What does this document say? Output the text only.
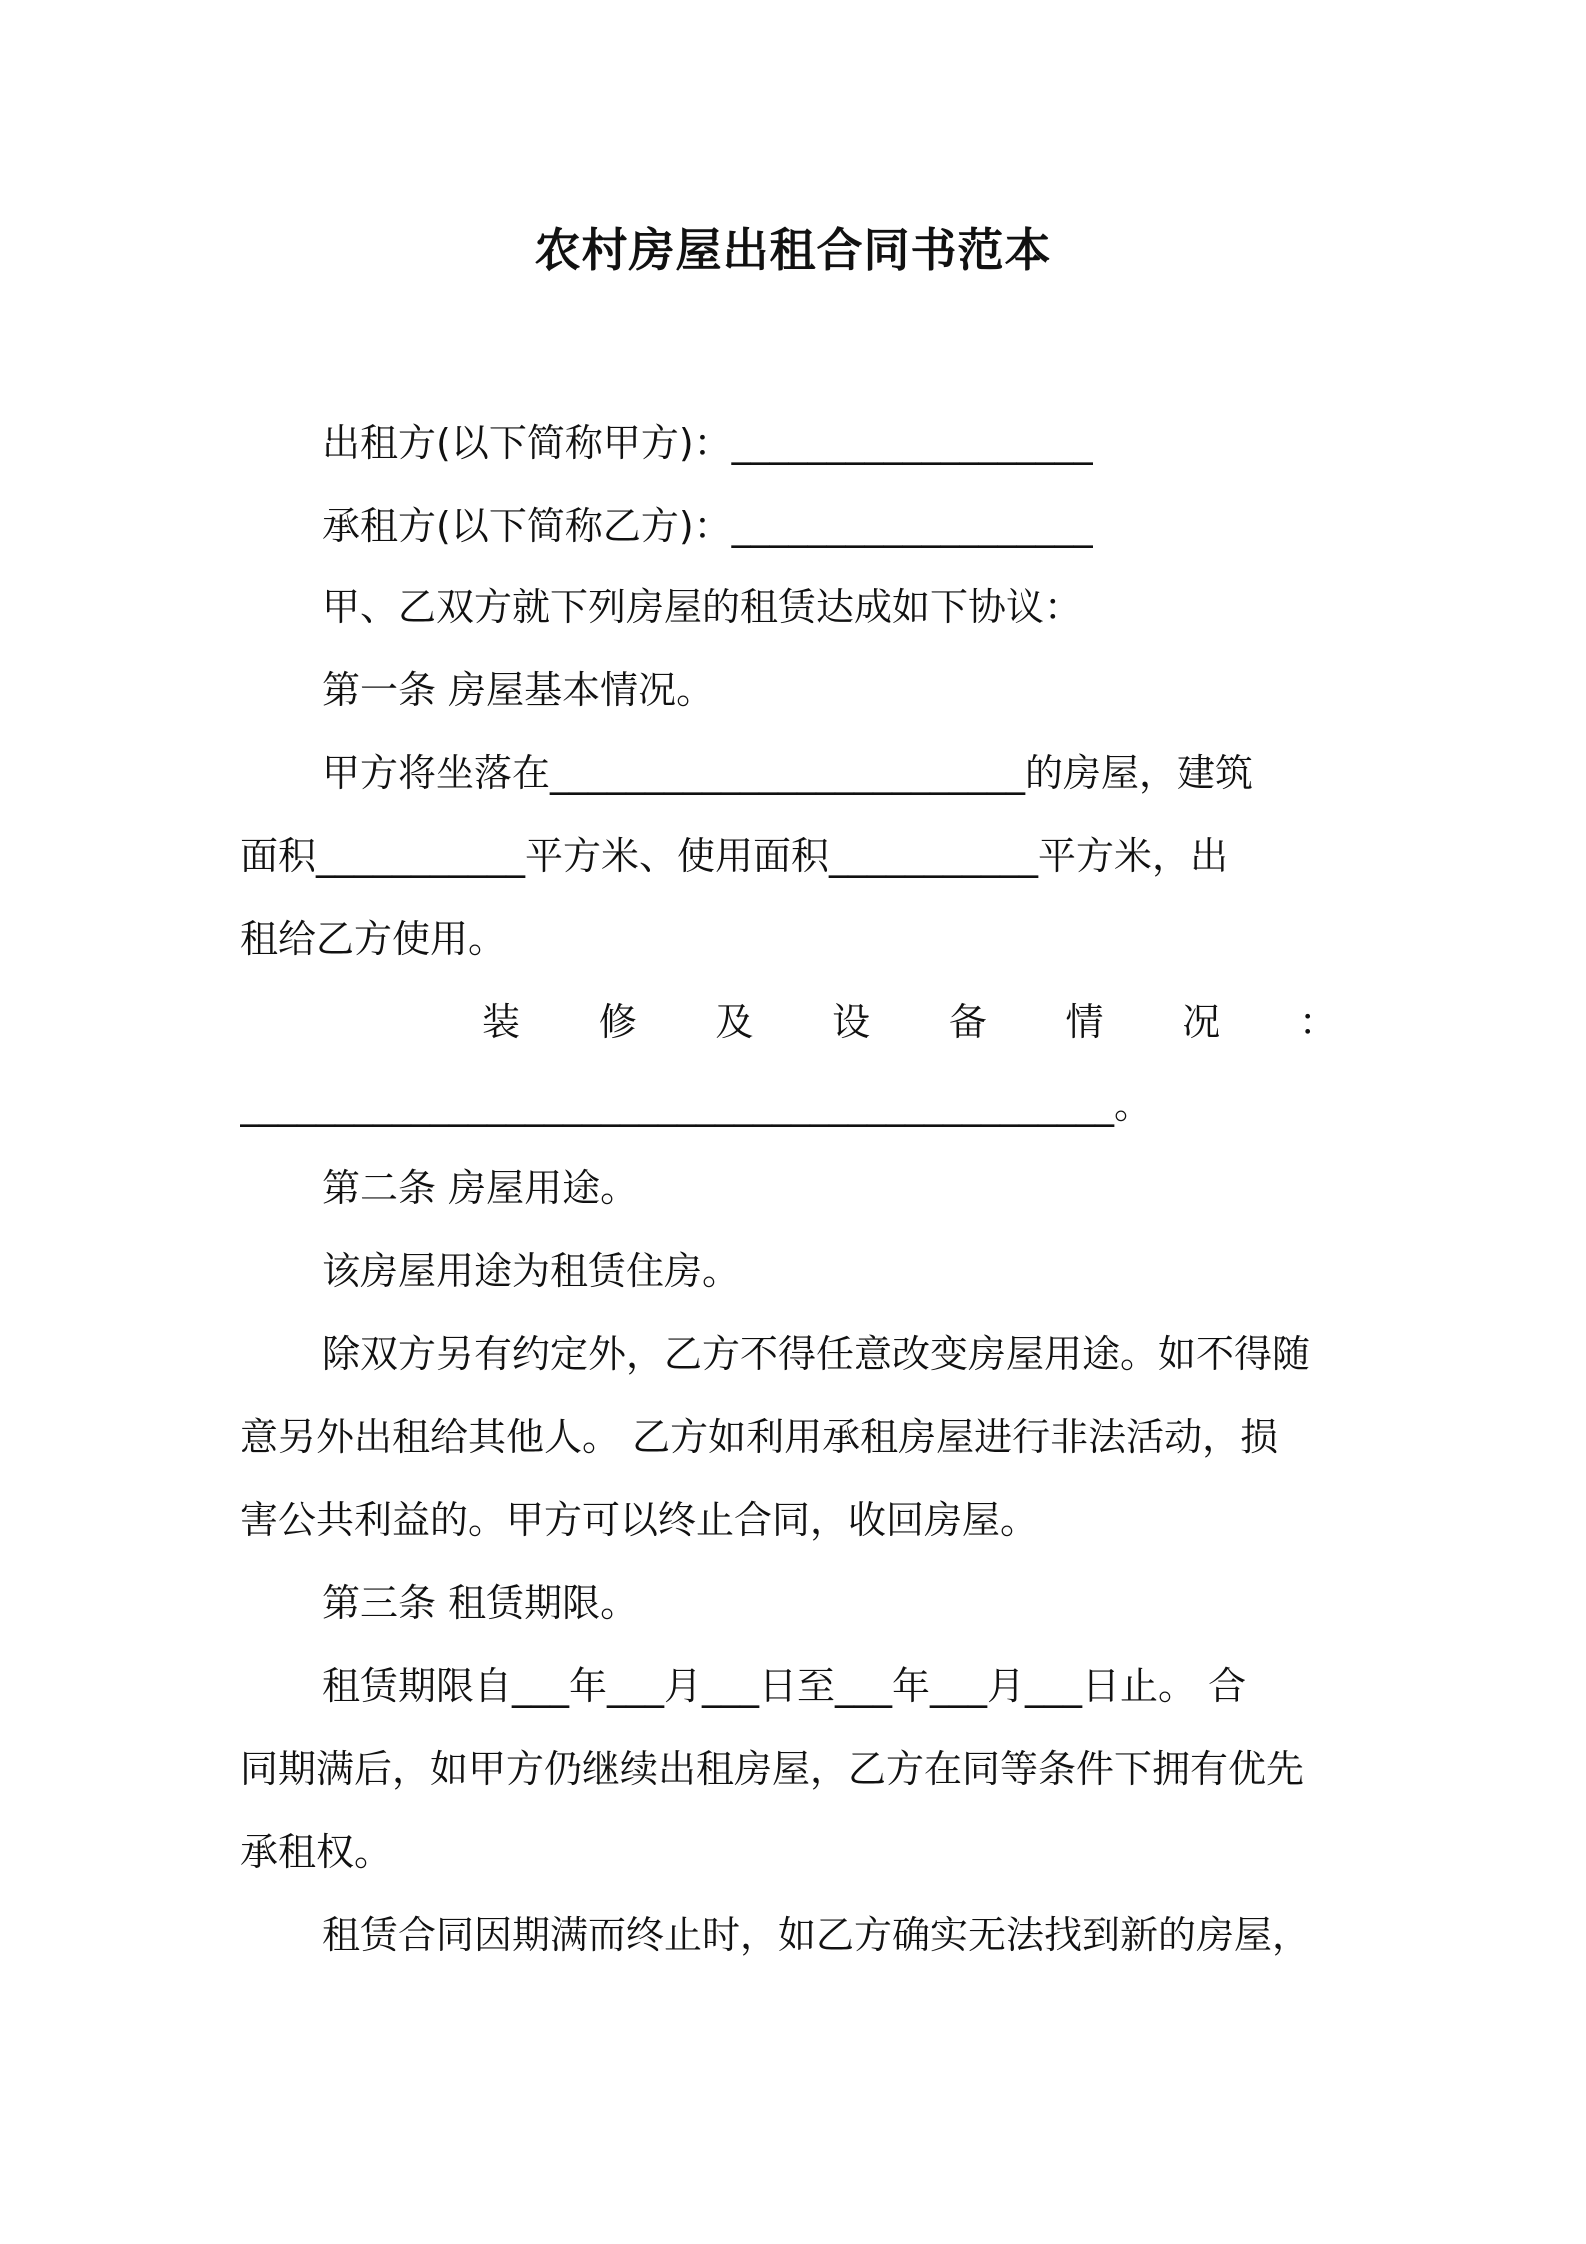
农村房屋出租合同书范本
出租方(以下简称甲方)：___________________
承租方(以下简称乙方)：___________________
甲、乙双方就下列房屋的租赁达成如下协议：
第一条 房屋基本情况。
甲方将坐落在_________________________的房屋，建筑
面积___________平方米、使用面积___________平方米，出
租给乙方使用。
装 修 及 设 备 情 况 ：
______________________________________________。
第二条 房屋用途。
该房屋用途为租赁住房。
除双方另有约定外，乙方不得任意改变房屋用途。如不得随
意另外出租给其他人。 乙方如利用承租房屋进行非法活动，损
害公共利益的。甲方可以终止合同，收回房屋。
第三条 租赁期限。
租赁期限自___年___月___日至___年___月___日止。 合
同期满后，如甲方仍继续出租房屋，乙方在同等条件下拥有优先
承租权。
租赁合同因期满而终止时，如乙方确实无法找到新的房屋，
